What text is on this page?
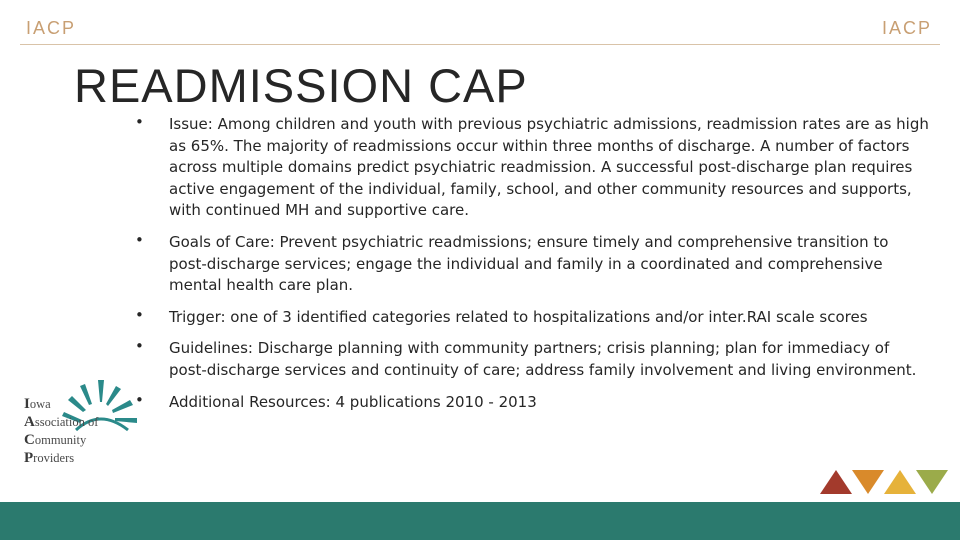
IACP	IACP
READMISSION CAP
• Issue: Among children and youth with previous psychiatric admissions, readmission rates are as high as 65%. The majority of readmissions occur within three months of discharge. A number of factors across multiple domains predict psychiatric readmission. A successful post-discharge plan requires active engagement of the individual, family, school, and other community resources and supports, with continued MH and supportive care.
• Goals of Care: Prevent psychiatric readmissions; ensure timely and comprehensive transition to post-discharge services; engage the individual and family in a coordinated and comprehensive mental health care plan.
• Trigger: one of 3 identified categories related to hospitalizations and/or inter.RAI scale scores
• Guidelines: Discharge planning with community partners; crisis planning; plan for immediacy of post-discharge services and continuity of care; address family involvement and living environment.
• Additional Resources: 4 publications 2010 - 2013
Iowa
Association of
Community
Providers
